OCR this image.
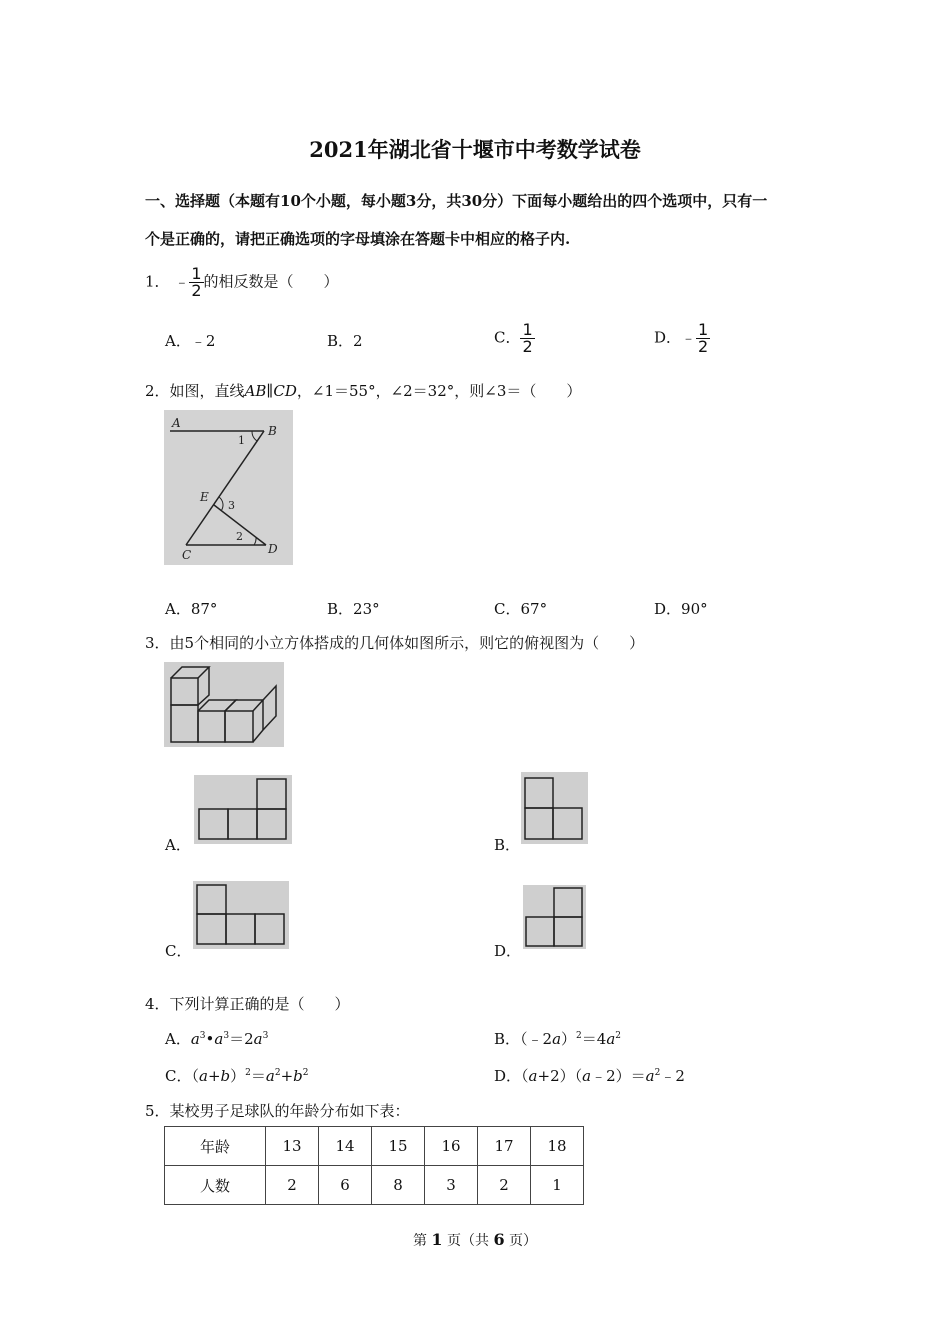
2021年湖北省十堰市中考数学试卷
一、选择题（本题有10个小题，每小题3分，共30分）下面每小题给出的四个选项中，只有一
个是正确的，请把正确选项的字母填涂在答题卡中相应的格子内.
1． ﹣ $\frac{1}{2}$ 的相反数是（　　）
A．﹣2	B．2	C． $\frac{1}{2}$	D．﹣ $\frac{1}{2}$
2．如图，直线AB∥CD，∠1＝55°，∠2＝32°，则∠3＝（　　）
A
B
C	D
E
1
2
3
A．87°	B．23°	C．67°	D．90°
3．由5个相同的小立方体搭成的几何体如图所示，则它的俯视图为（　　）
A．	B．
C．	D．
4．下列计算正确的是（　　）
A．$a^3•a^3=2a^3$	B．$(﹣2a)^2=4a^2$
C．$(a+b)^2=a^2+b^2$	D．$(a+2)(a﹣2)=a^2﹣2$
5．某校男子足球队的年龄分布如下表：
年龄	13	14	15	16	17	18
人数	2	6	8	3	2	1
第 1 页（共 6 页）
